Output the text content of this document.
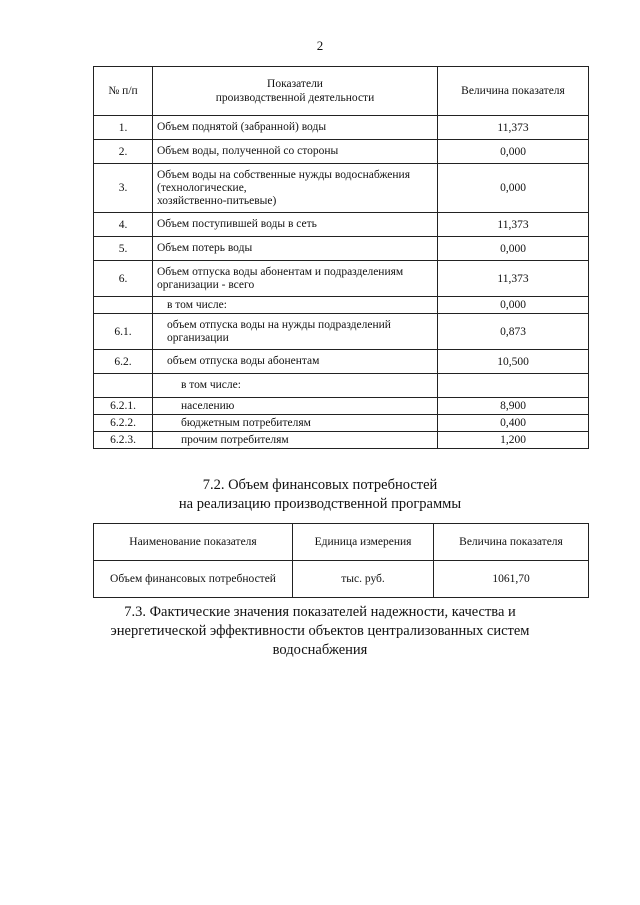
2
№ п/п	Показатели
производственной деятельности	Величина показателя
1.	Объем поднятой (забранной) воды	11,373
2.	Объем воды, полученной со стороны	0,000
3.	Объем воды на собственные нужды водоснабжения
(технологические,
хозяйственно-питьевые)	0,000
4.	Объем поступившей воды в сеть	11,373
5.	Объем потерь воды	0,000
6.	Объем отпуска воды абонентам и подразделениям
организации - всего	11,373
	в том числе:	0,000
6.1.	объем отпуска воды на нужды подразделений
организации	0,873
6.2.	объем отпуска воды абонентам	10,500
	в том числе:	
6.2.1.	населению	8,900
6.2.2.	бюджетным потребителям	0,400
6.2.3.	прочим потребителям	1,200
7.2. Объем финансовых потребностей
на реализацию производственной программы
Наименование показателя	Единица измерения	Величина показателя
Объем финансовых потребностей	тыс. руб.	1061,70
7.3. Фактические значения показателей надежности, качества и
энергетической эффективности объектов централизованных систем
водоснабжения
